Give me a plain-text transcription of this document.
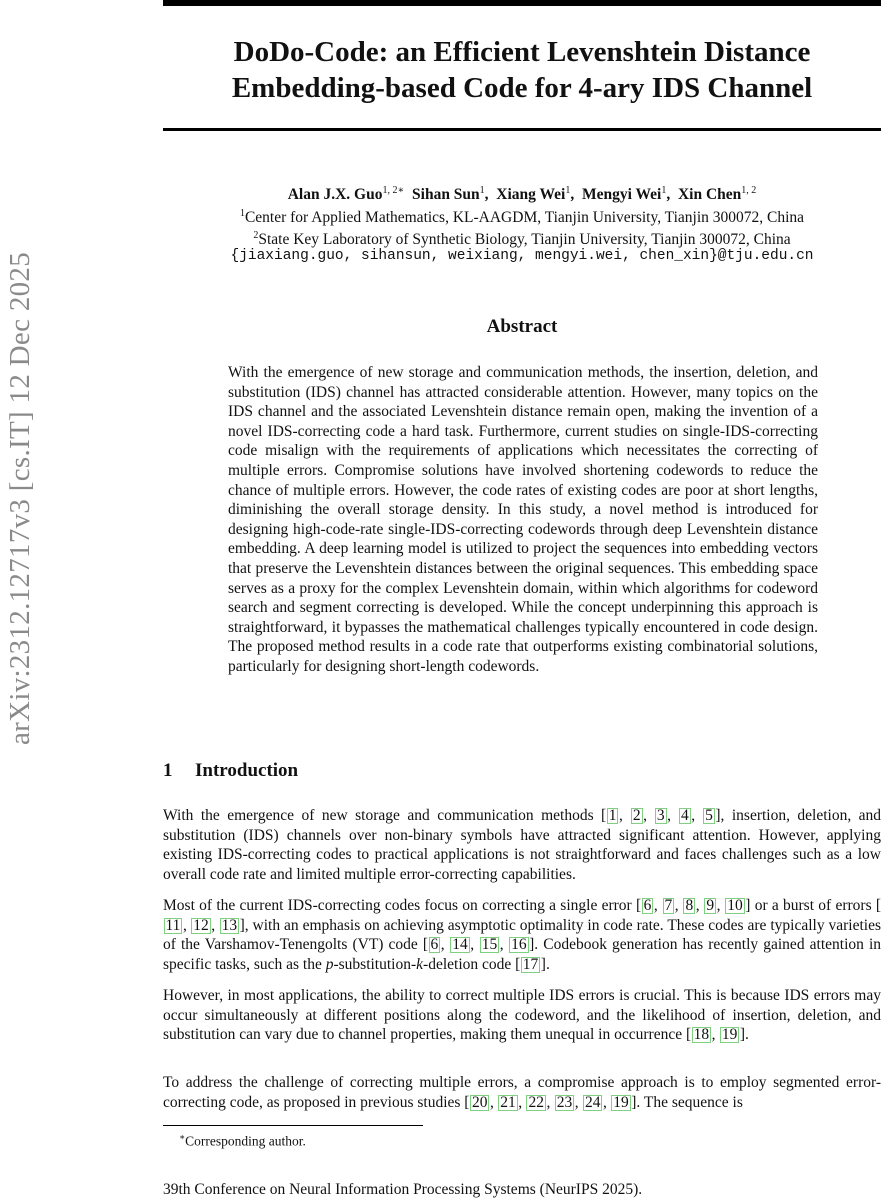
arXiv:2312.12717v3 [cs.IT] 12 Dec 2025
DoDo-Code: an Efficient Levenshtein Distance
Embedding-based Code for 4-ary IDS Channel
Alan J.X. Guo$^{1, 2∗}$ Sihan Sun$^1$,  Xiang Wei$^1$,  Mengyi Wei$^1$,  Xin Chen$^{1, 2}$
$^1$Center for Applied Mathematics, KL-AAGDM, Tianjin University, Tianjin 300072, China
$^2$State Key Laboratory of Synthetic Biology, Tianjin University, Tianjin 300072, China
{jiaxiang.guo, sihansun, weixiang, mengyi.wei, chen_xin}@tju.edu.cn
Abstract
With the emergence of new storage and communication methods, the insertion, deletion, and substitution (IDS) channel has attracted considerable attention. However, many topics on the IDS channel and the associated Levenshtein distance remain open, making the invention of a novel IDS-correcting code a hard task. Furthermore, current studies on single-IDS-correcting code misalign with the requirements of applications which necessitates the correcting of multiple errors. Compromise solutions have involved shortening codewords to reduce the chance of multiple errors. However, the code rates of existing codes are poor at short lengths, diminishing the overall storage density. In this study, a novel method is introduced for designing high-code-rate single-IDS-correcting codewords through deep Levenshtein distance embedding. A deep learning model is utilized to project the sequences into embedding vectors that preserve the Levenshtein distances between the original sequences. This embedding space serves as a proxy for the complex Levenshtein domain, within which algorithms for codeword search and segment correcting is developed. While the concept underpinning this approach is straightforward, it bypasses the mathematical challenges typically encountered in code design. The proposed method results in a code rate that outperforms existing combinatorial solutions, particularly for designing short-length codewords.
1 Introduction
With the emergence of new storage and communication methods [ 1 , 2 , 3 , 4 , 5 ], insertion, deletion, and substitution (IDS) channels over non-binary symbols have attracted significant attention. However, applying existing IDS-correcting codes to practical applications is not straightforward and faces challenges such as a low overall code rate and limited multiple error-correcting capabilities.
Most of the current IDS-correcting codes focus on correcting a single error [ 6 , 7 , 8 , 9 , 10 ] or a burst of errors [11 , 12 , 13 ], with an emphasis on achieving asymptotic optimality in code rate. These codes are typically varieties of the Varshamov-Tenengolts (VT) code [ 6 , 14 , 15 , 16 ]. Codebook generation has recently gained attention in specific tasks, such as the p-substitution-k-deletion code [ 17 ].
However, in most applications, the ability to correct multiple IDS errors is crucial. This is because IDS errors may occur simultaneously at different positions along the codeword, and the likelihood of insertion, deletion, and substitution can vary due to channel properties, making them unequal in occurrence [ 18 , 19 ].
To address the challenge of correcting multiple errors, a compromise approach is to employ segmented error-correcting code, as proposed in previous studies [ 20 , 21 , 22 , 23 , 24 , 19 ]. The sequence is
∗Corresponding author.
39th Conference on Neural Information Processing Systems (NeurIPS 2025).
